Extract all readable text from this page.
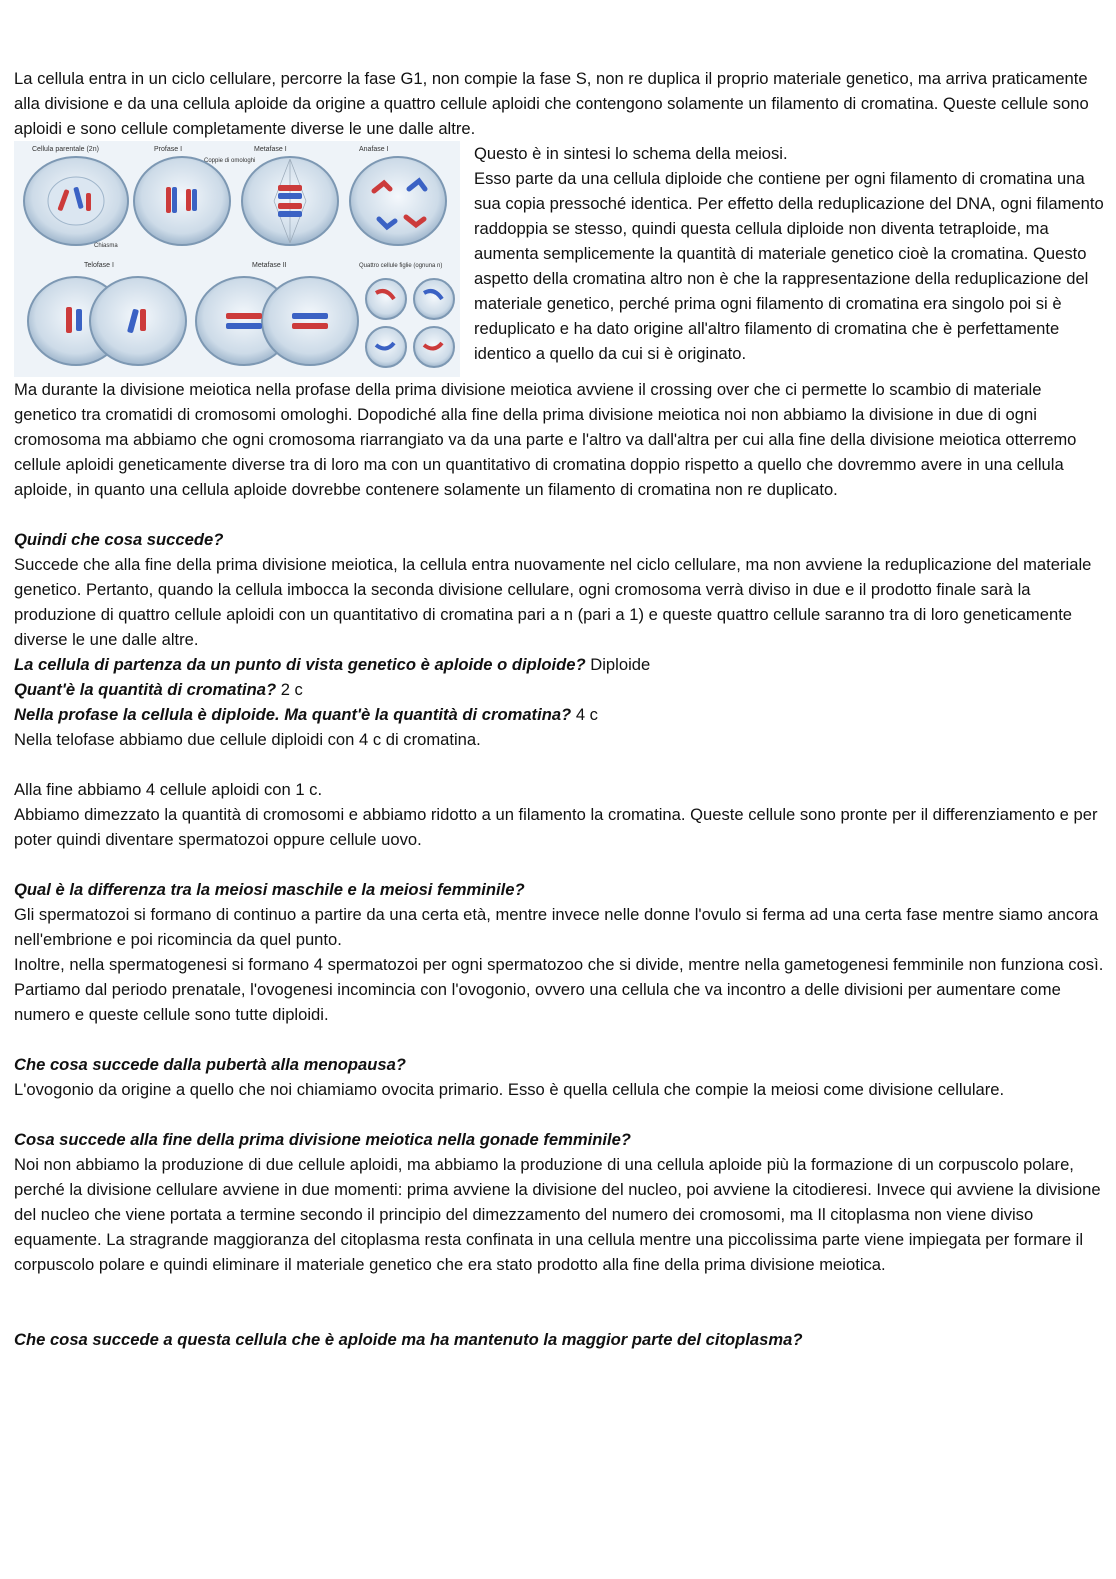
La cellula entra in un ciclo cellulare, percorre la fase G1, non compie la fase S, non re duplica il proprio materiale genetico, ma arriva praticamente alla divisione e da una cellula aploide da origine a quattro cellule aploidi che contengono solamente un filamento di cromatina. Queste cellule sono aploidi e sono cellule completamente diverse le une dalle altre.

Cellula parentale (2n)	Profase I	Metafase I	Anafase I
Coppie di omologhi
Chiasma
Telofase I	Metafase II	Quattro cellule figlie (ognuna n)

Questo è in sintesi lo schema della meiosi.

Esso parte da una cellula diploide che contiene per ogni filamento di cromatina una sua copia pressoché identica. Per effetto della reduplicazione del DNA, ogni filamento raddoppia se stesso, quindi questa cellula diploide non diventa tetraploide, ma aumenta semplicemente la quantità di materiale genetico cioè la cromatina. Questo aspetto della cromatina altro non è che la rappresentazione della reduplicazione del materiale genetico, perché prima ogni filamento di cromatina era singolo poi si è reduplicato e ha dato origine all'altro filamento di cromatina che è perfettamente identico a quello da cui si è originato.

Ma durante la divisione meiotica nella profase della prima divisione meiotica avviene il crossing over che ci permette lo scambio di materiale genetico tra cromatidi di cromosomi omologhi. Dopodiché alla fine della prima divisione meiotica noi non abbiamo la divisione in due di ogni cromosoma ma abbiamo che ogni cromosoma riarrangiato va da una parte e l'altro va dall'altra per cui alla fine della divisione meiotica otterremo cellule aploidi geneticamente diverse tra di loro ma con un quantitativo di cromatina doppio rispetto a quello che dovremmo avere in una cellula aploide, in quanto una cellula aploide dovrebbe contenere solamente un filamento di cromatina non re duplicato.

Quindi che cosa succede?

Succede che alla fine della prima divisione meiotica, la cellula entra nuovamente nel ciclo cellulare, ma non avviene la reduplicazione del materiale genetico. Pertanto, quando la cellula imbocca la seconda divisione cellulare, ogni cromosoma verrà diviso in due e il prodotto finale sarà la produzione di quattro cellule aploidi con un quantitativo di cromatina pari a n (pari a 1) e queste quattro cellule saranno tra di loro geneticamente diverse le une dalle altre.

La cellula di partenza da un punto di vista genetico è aploide o diploide? Diploide

Quant'è la quantità di cromatina? 2 c

Nella profase la cellula è diploide. Ma quant'è la quantità di cromatina? 4 c

Nella telofase abbiamo due cellule diploidi con 4 c di cromatina.

Alla fine abbiamo 4 cellule aploidi con 1 c.

Abbiamo dimezzato la quantità di cromosomi e abbiamo ridotto a un filamento la cromatina. Queste cellule sono pronte per il differenziamento e per poter quindi diventare spermatozoi oppure cellule uovo.

Qual è la differenza tra la meiosi maschile e la meiosi femminile?

Gli spermatozoi si formano di continuo a partire da una certa età, mentre invece nelle donne l'ovulo si ferma ad una certa fase mentre siamo ancora nell'embrione e poi ricomincia da quel punto.

Inoltre, nella spermatogenesi si formano 4 spermatozoi per ogni spermatozoo che si divide, mentre nella gametogenesi femminile non funziona così.

Partiamo dal periodo prenatale, l'ovogenesi incomincia con l'ovogonio, ovvero una cellula che va incontro a delle divisioni per aumentare come numero e queste cellule sono tutte diploidi.

Che cosa succede dalla pubertà alla menopausa?

L'ovogonio da origine a quello che noi chiamiamo ovocita primario. Esso è quella cellula che compie la meiosi come divisione cellulare.

Cosa succede alla fine della prima divisione meiotica nella gonade femminile?

Noi non abbiamo la produzione di due cellule aploidi, ma abbiamo la produzione di una cellula aploide più la formazione di un corpuscolo polare, perché la divisione cellulare avviene in due momenti: prima avviene la divisione del nucleo, poi avviene la citodieresi. Invece qui avviene la divisione del nucleo che viene portata a termine secondo il principio del dimezzamento del numero dei cromosomi, ma Il citoplasma non viene diviso equamente. La stragrande maggioranza del citoplasma resta confinata in una cellula mentre una piccolissima parte viene impiegata per formare il corpuscolo polare e quindi eliminare il materiale genetico che era stato prodotto alla fine della prima divisione meiotica.

Che cosa succede a questa cellula che è aploide ma ha mantenuto la maggior parte del citoplasma?
